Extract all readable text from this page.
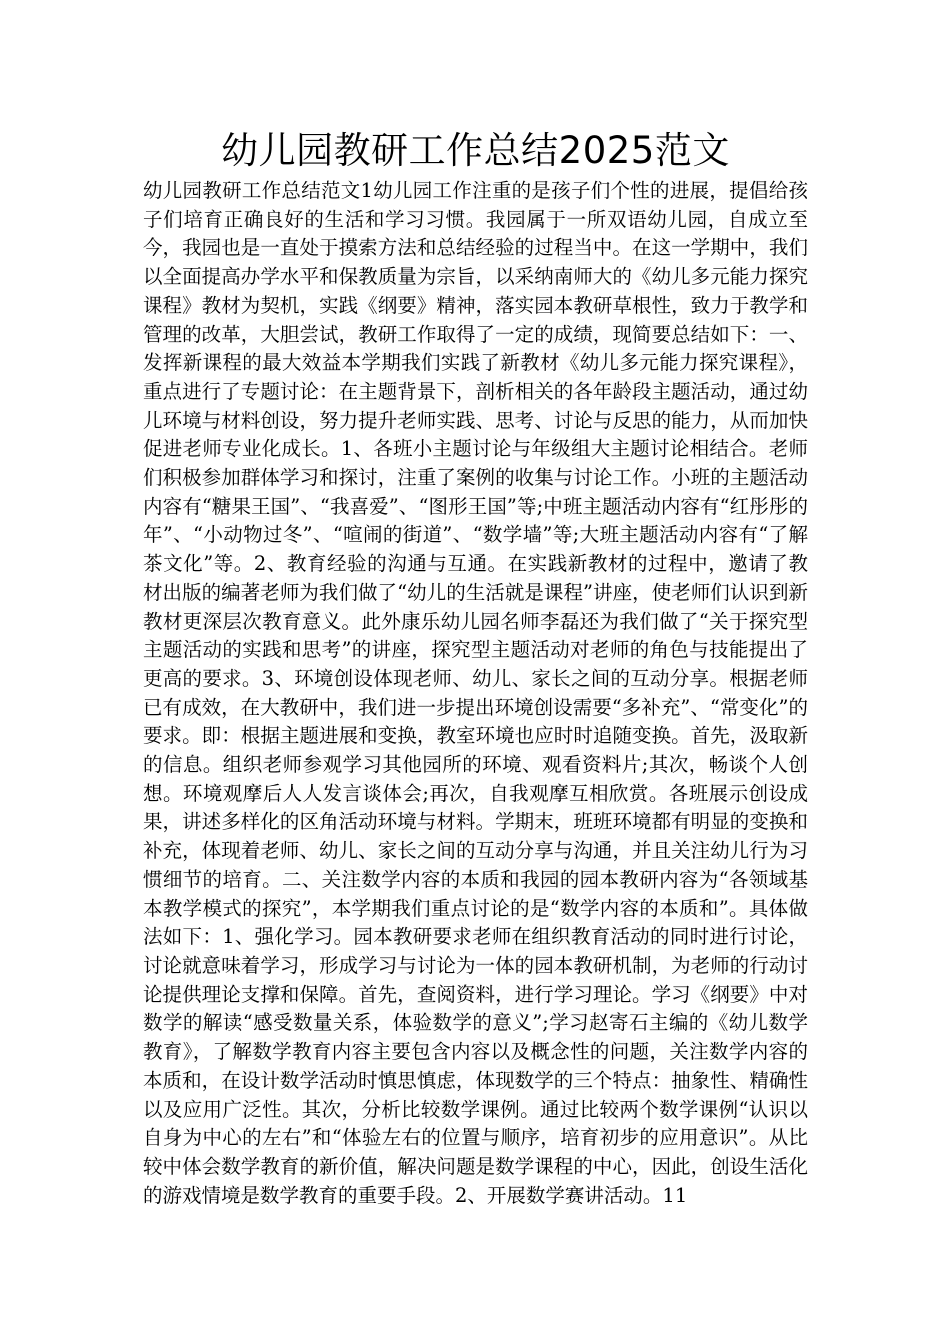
幼儿园教研工作总结2025范文

幼儿园教研工作总结范文1幼儿园工作注重的是孩子们个性的进展，提倡给孩子们培育正确良好的生活和学习习惯。我园属于一所双语幼儿园，自成立至今，我园也是一直处于摸索方法和总结经验的过程当中。在这一学期中，我们以全面提高办学水平和保教质量为宗旨，以采纳南师大的《幼儿多元能力探究课程》教材为契机，实践《纲要》精神，落实园本教研草根性，致力于教学和管理的改革，大胆尝试，教研工作取得了一定的成绩，现简要总结如下：一、发挥新课程的最大效益本学期我们实践了新教材《幼儿多元能力探究课程》，重点进行了专题讨论：在主题背景下，剖析相关的各年龄段主题活动，通过幼儿环境与材料创设，努力提升老师实践、思考、讨论与反思的能力，从而加快促进老师专业化成长。1、各班小主题讨论与年级组大主题讨论相结合。老师们积极参加群体学习和探讨，注重了案例的收集与讨论工作。小班的主题活动内容有“糖果王国”、“我喜爱”、“图形王国”等;中班主题活动内容有“红彤彤的年”、“小动物过冬”、“喧闹的街道”、“数学墙”等;大班主题活动内容有“了解茶文化”等。2、教育经验的沟通与互通。在实践新教材的过程中，邀请了教材出版的编著老师为我们做了“幼儿的生活就是课程”讲座，使老师们认识到新教材更深层次教育意义。此外康乐幼儿园名师李磊还为我们做了“关于探究型主题活动的实践和思考”的讲座，探究型主题活动对老师的角色与技能提出了更高的要求。3、环境创设体现老师、幼儿、家长之间的互动分享。根据老师已有成效，在大教研中，我们进一步提出环境创设需要“多补充”、“常变化”的要求。即：根据主题进展和变换，教室环境也应时时追随变换。首先，汲取新的信息。组织老师参观学习其他园所的环境、观看资料片;其次，畅谈个人创想。环境观摩后人人发言谈体会;再次，自我观摩互相欣赏。各班展示创设成果，讲述多样化的区角活动环境与材料。学期末，班班环境都有明显的变换和补充，体现着老师、幼儿、家长之间的互动分享与沟通，并且关注幼儿行为习惯细节的培育。二、关注数学内容的本质和我园的园本教研内容为“各领域基本教学模式的探究”，本学期我们重点讨论的是“数学内容的本质和”。具体做法如下：1、强化学习。园本教研要求老师在组织教育活动的同时进行讨论，讨论就意味着学习，形成学习与讨论为一体的园本教研机制，为老师的行动讨论提供理论支撑和保障。首先，查阅资料，进行学习理论。学习《纲要》中对数学的解读“感受数量关系，体验数学的意义”;学习赵寄石主编的《幼儿数学教育》，了解数学教育内容主要包含内容以及概念性的问题，关注数学内容的本质和，在设计数学活动时慎思慎虑，体现数学的三个特点：抽象性、精确性以及应用广泛性。其次，分析比较数学课例。通过比较两个数学课例“认识以自身为中心的左右”和“体验左右的位置与顺序，培育初步的应用意识”。从比较中体会数学教育的新价值，解决问题是数学课程的中心，因此，创设生活化的游戏情境是数学教育的重要手段。2、开展数学赛讲活动。11
